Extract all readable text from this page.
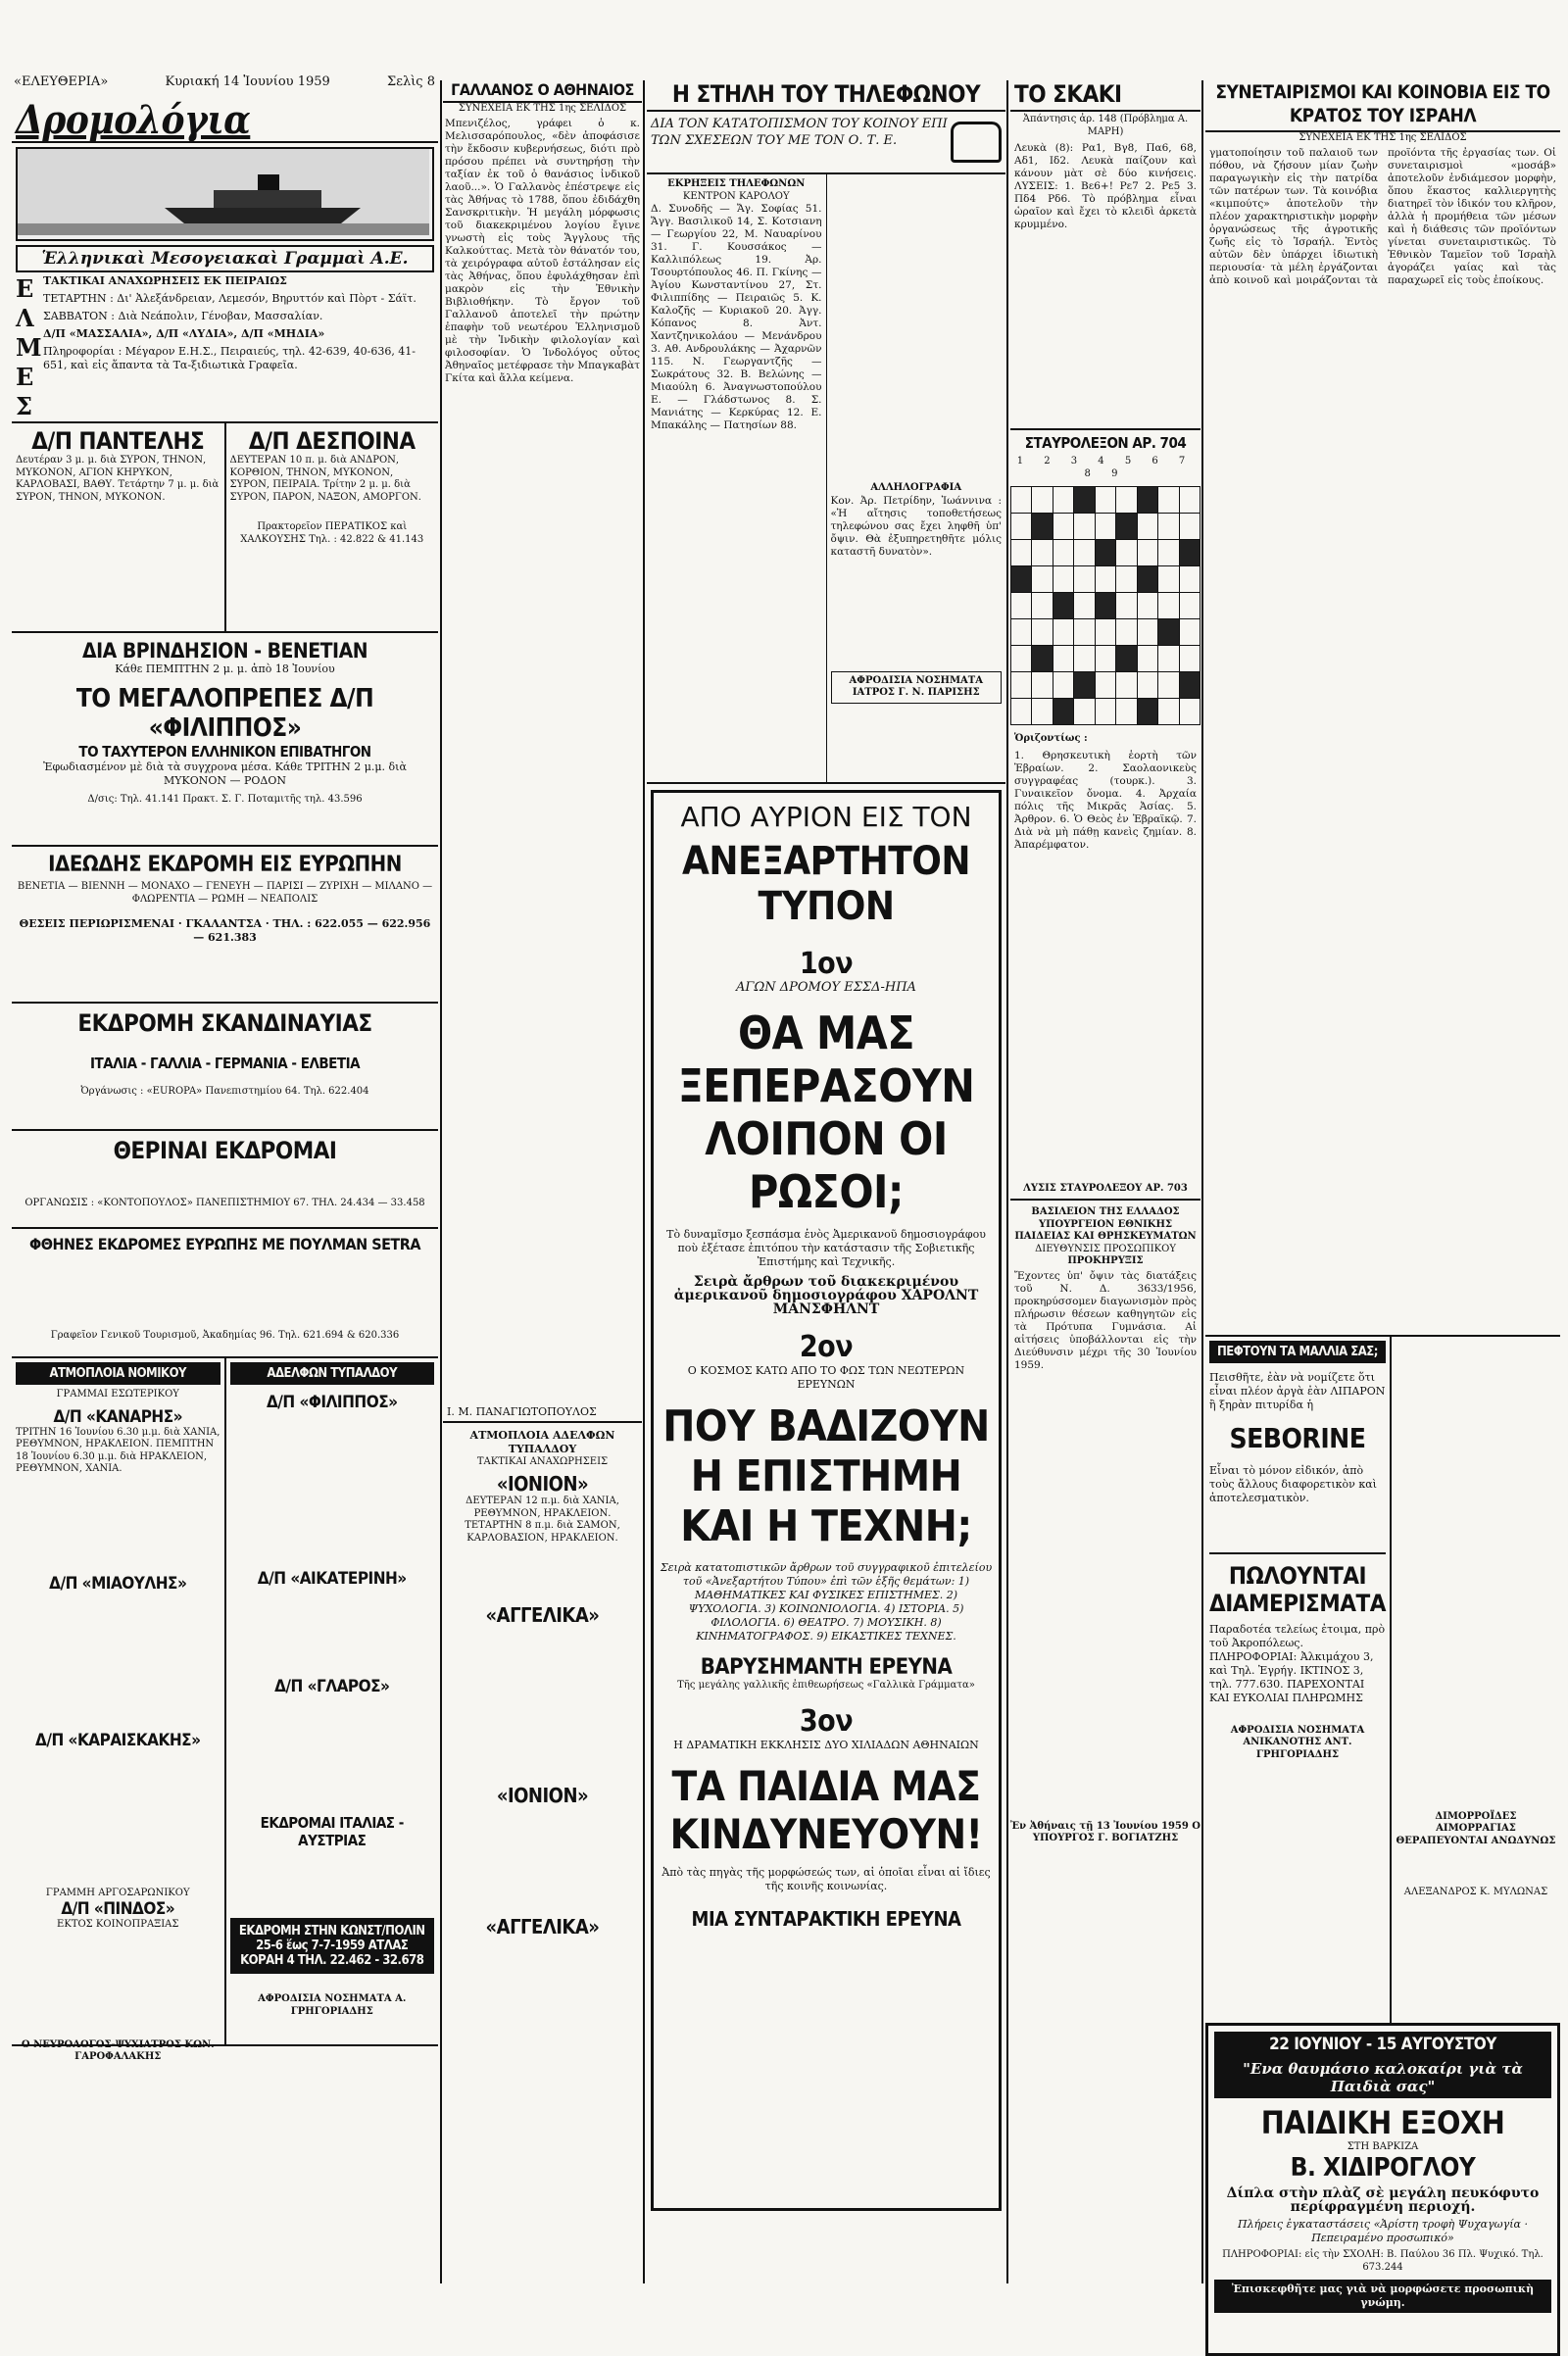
«ΕΛΕΥΘΕΡΙΑ»	Κυριακή 14 Ἰουνίου 1959	Σελὶς 8
Δρομολόγια
Ἑλληνικαὶ Μεσογειακαὶ Γραμμαὶ Α.Ε.
ΕΛΜΕΣ

ΤΑΚΤΙΚΑΙ ΑΝΑΧΩΡΗΣΕΙΣ ΕΚ ΠΕΙΡΑΙΩΣ

ΤΕΤΑΡΤΗΝ : Δι' Ἀλεξάνδρειαν, Λεμεσόν, Βηρυττόν καὶ Πὸρτ - Σάϊτ.

ΣΑΒΒΑΤΟΝ : Διὰ Νεάπολιν, Γένοβαν, Μασσαλίαν.

Δ/Π «ΜΑΣΣΑΛΙΑ», Δ/Π «ΛΥΔΙΑ», Δ/Π «ΜΗΔΙΑ»

Πληροφορίαι : Μέγαρον Ε.Η.Σ., Πειραιεύς, τηλ. 42-639, 40-636, 41-651, καὶ εἰς ἅπαντα τὰ Τα-ξιδιωτικὰ Γραφεῖα.

Δ/Π ΠΑΝΤΕΛΗΣ
Δευτέραν 3 μ. μ. διὰ ΣΥΡΟΝ, ΤΗΝΟΝ, ΜΥΚΟΝΟΝ, ΑΓΙΟΝ ΚΗΡΥΚΟΝ, ΚΑΡΛΟΒΑΣΙ, ΒΑΘΥ. Τετάρτην 7 μ. μ. διὰ ΣΥΡΟΝ, ΤΗΝΟΝ, ΜΥΚΟΝΟΝ.
Δ/Π ΔΕΣΠΟΙΝΑ
ΔΕΥΤΕΡΑΝ 10 π. μ. διὰ ΑΝΔΡΟΝ, ΚΟΡΘΙΟΝ, ΤΗΝΟΝ, ΜΥΚΟΝΟΝ, ΣΥΡΟΝ, ΠΕΙΡΑΙΑ. Τρίτην 2 μ. μ. διὰ ΣΥΡΟΝ, ΠΑΡΟΝ, ΝΑΞΟΝ, ΑΜΟΡΓΟΝ.
Πρακτορεῖον ΠΕΡΑΤΙΚΟΣ καὶ ΧΑΛΚΟΥΣΗΣ Τηλ. : 42.822 & 41.143
ΔΙΑ ΒΡΙΝΔΗΣΙΟΝ - ΒΕΝΕΤΙΑΝ
Κάθε ΠΕΜΠΤΗΝ 2 μ. μ. ἀπὸ 18 Ἰουνίου
ΤΟ ΜΕΓΑΛΟΠΡΕΠΕΣ Δ/Π «ΦΙΛΙΠΠΟΣ»
ΤΟ ΤΑΧΥΤΕΡΟΝ ΕΛΛΗΝΙΚΟΝ ΕΠΙΒΑΤΗΓΟΝ
Ἐφωδιασμένον μὲ διὰ τὰ συγχρονα μέσα. Κάθε ΤΡΙΤΗΝ 2 μ.μ. διὰ ΜΥΚΟΝΟΝ — ΡΟΔΟΝ
Δ/σις: Τηλ. 41.141 Πρακτ. Σ. Γ. Ποταμιτῆς τηλ. 43.596
ΙΔΕΩΔΗΣ ΕΚΔΡΟΜΗ ΕΙΣ ΕΥΡΩΠΗΝ
ΒΕΝΕΤΙΑ — ΒΙΕΝΝΗ — ΜΟΝΑΧΟ — ΓΕΝΕΥΗ — ΠΑΡΙΣΙ — ΖΥΡΙΧΗ — ΜΙΛΑΝΟ — ΦΛΩΡΕΝΤΙΑ — ΡΩΜΗ — ΝΕΑΠΟΛΙΣ
ΘΕΣΕΙΣ ΠΕΡΙΩΡΙΣΜΕΝΑΙ · ΓΚΑΛΑΝΤΣΑ · ΤΗΛ. : 622.055 — 622.956 — 621.383
ΕΚΔΡΟΜΗ ΣΚΑΝΔΙΝΑΥΙΑΣ
ΙΤΑΛΙΑ - ΓΑΛΛΙΑ - ΓΕΡΜΑΝΙΑ - ΕΛΒΕΤΙΑ
Ὀργάνωσις : «EUROPA» Πανεπιστημίου 64. Τηλ. 622.404
ΘΕΡΙΝΑΙ ΕΚΔΡΟΜΑΙ
ΟΡΓΑΝΩΣΙΣ : «ΚΟΝΤΟΠΟΥΛΟΣ» ΠΑΝΕΠΙΣΤΗΜΙΟΥ 67. ΤΗΛ. 24.434 — 33.458
ΦΘΗΝΕΣ ΕΚΔΡΟΜΕΣ ΕΥΡΩΠΗΣ ΜΕ ΠΟΥΛΜΑΝ SETRA
Γραφεῖον Γενικοῦ Τουρισμοῦ, Ἀκαδημίας 96. Τηλ. 621.694 & 620.336
ΑΤΜΟΠΛΟΙΑ ΝΟΜΙΚΟΥ
ΓΡΑΜΜΑΙ ΕΣΩΤΕΡΙΚΟΥ
Δ/Π «ΚΑΝΑΡΗΣ»
ΤΡΙΤΗΝ 16 Ἰουνίου 6.30 μ.μ. διὰ ΧΑΝΙΑ, ΡΕΘΥΜΝΟΝ, ΗΡΑΚΛΕΙΟΝ. ΠΕΜΠΤΗΝ 18 Ἰουνίου 6.30 μ.μ. διὰ ΗΡΑΚΛΕΙΟΝ, ΡΕΘΥΜΝΟΝ, ΧΑΝΙΑ.
Δ/Π «ΜΙΑΟΥΛΗΣ»
Δ/Π «ΚΑΡΑΙΣΚΑΚΗΣ»
ΓΡΑΜΜΗ ΑΡΓΟΣΑΡΩΝΙΚΟΥ
Δ/Π «ΠΙΝΔΟΣ»
ΕΚΤΟΣ ΚΟΙΝΟΠΡΑΞΙΑΣ
Ο ΝΕΥΡΟΛΟΓΟΣ-ΨΥΧΙΑΤΡΟΣ ΚΩΝ. ΓΑΡΟΦΑΛΑΚΗΣ
ΑΔΕΛΦΩΝ ΤΥΠΑΛΔΟΥ
Δ/Π «ΦΙΛΙΠΠΟΣ»
Δ/Π «ΑΙΚΑΤΕΡΙΝΗ»
Δ/Π «ΓΛΑΡΟΣ»
ΕΚΔΡΟΜΑΙ ΙΤΑΛΙΑΣ - ΑΥΣΤΡΙΑΣ
ΕΚΔΡΟΜΗ ΣΤΗΝ ΚΩΝΣΤ/ΠΟΛΙΝ 25-6 ἕως 7-7-1959 ΑΤΛΑΣ ΚΟΡΑΗ 4 ΤΗΛ. 22.462 - 32.678
ΑΦΡΟΔΙΣΙΑ ΝΟΣΗΜΑΤΑ Α. ΓΡΗΓΟΡΙΑΔΗΣ
ΓΑΛΛΑΝΟΣ Ο ΑΘΗΝΑΙΟΣ
ΣΥΝΕΧΕΙΑ ΕΚ ΤΗΣ 1ης ΣΕΛΙΔΟΣ
Μπενιζέλος, γράφει ὁ κ. Μελισσαρόπουλος, «δὲν ἀποφάσισε τὴν ἔκδοσιν κυβερνήσεως, διότι πρὸ πρόσου πρέπει νὰ συντηρήσῃ τὴν ταξίαν ἐκ τοῦ ὁ θανάσιος ἰνδικοῦ λαοῦ...». Ὁ Γαλλανὸς ἐπέστρεψε εἰς τὰς Ἀθήνας τὸ 1788, ὅπου ἐδιδάχθη Σανσκριτικὴν. Ἡ μεγάλη μόρφωσις τοῦ διακεκριμένου λογίου ἔγινε γνωστὴ εἰς τοὺς Ἄγγλους τῆς Καλκούττας. Μετὰ τὸν θάνατόν του, τὰ χειρόγραφα αὐτοῦ ἐστάλησαν εἰς τὰς Ἀθήνας, ὅπου ἐφυλάχθησαν ἐπὶ μακρὸν εἰς τὴν Ἐθνικὴν Βιβλιοθήκην. Τὸ ἔργον τοῦ Γαλλανοῦ ἀποτελεῖ τὴν πρώτην ἐπαφὴν τοῦ νεωτέρου Ἑλληνισμοῦ μὲ τὴν Ἰνδικὴν φιλολογίαν καὶ φιλοσοφίαν. Ὁ Ἰνδολόγος οὗτος Ἀθηναῖος μετέφρασε τὴν Μπαγκαβὰτ Γκίτα καὶ ἄλλα κείμενα.
Ι. Μ. ΠΑΝΑΓΙΩΤΟΠΟΥΛΟΣ
ΑΤΜΟΠΛΟΙΑ ΑΔΕΛΦΩΝ ΤΥΠΑΛΔΟΥ
ΤΑΚΤΙΚΑΙ ΑΝΑΧΩΡΗΣΕΙΣ
«ΙΟΝΙΟΝ»
ΔΕΥΤΕΡΑΝ 12 π.μ. διὰ ΧΑΝΙΑ, ΡΕΘΥΜΝΟΝ, ΗΡΑΚΛΕΙΟΝ. ΤΕΤΑΡΤΗΝ 8 π.μ. διὰ ΣΑΜΟΝ, ΚΑΡΛΟΒΑΣΙΟΝ, ΗΡΑΚΛΕΙΟΝ.
«ΑΓΓΕΛΙΚΑ»
«ΙΟΝΙΟΝ»
«ΑΓΓΕΛΙΚΑ»
Η ΣΤΗΛΗ ΤΟΥ ΤΗΛΕΦΩΝΟΥ
ΔΙΑ ΤΟΝ ΚΑΤΑΤΟΠΙΣΜΟΝ ΤΟΥ ΚΟΙΝΟΥ ΕΠΙ ΤΩΝ ΣΧΕΣΕΩΝ ΤΟΥ ΜΕ ΤΟΝ Ο. Τ. Ε.
ΕΚΡΗΞΕΙΣ ΤΗΛΕΦΩΝΩΝ
ΚΕΝΤΡΟΝ ΚΑΡΟΛΟΥ
Δ. Συνοδῆς — Ἄγ. Σοφίας 51. Ἄγγ. Βασιλικοῦ 14, Σ. Κοτσιανη — Γεωργίου 22, Μ. Ναυαρίνου 31. Γ. Κουσσάκος — Καλλιπόλεως 19. Ἀρ. Τσουρτόπουλος 46. Π. Γκίνης — Ἀγίου Κωνσταντίνου 27, Στ. Φιλιππίδης — Πειραιῶς 5. Κ. Καλοζῆς — Κυριακοῦ 20. Ἀγγ. Κόπανος 8. Ἀντ. Χαντζηνικολάου — Μενάνδρου 3. Αθ. Ανδρουλάκης — Ἀχαρνῶν 115. Ν. Γεωργαντζῆς — Σωκράτους 32. Β. Βελώνης — Μιαούλη 6. Ἀναγνωστοπούλου Ε. — Γλάδστωνος 8. Σ. Μανιάτης — Κερκύρας 12. Ε. Μπακάλης — Πατησίων 88.
ΑΛΛΗΛΟΓΡΑΦΙΑ
Κον. Ἀρ. Πετρίδην, Ἰωάννινα : «Ἡ αἴτησις τοποθετήσεως τηλεφώνου σας ἔχει ληφθῆ ὑπ' ὄψιν. Θὰ ἐξυπηρετηθῆτε μόλις καταστῆ δυνατὸν».
ΑΦΡΟΔΙΣΙΑ ΝΟΣΗΜΑΤΑ ΙΑΤΡΟΣ Γ. Ν. ΠΑΡΙΣΗΣ
ΑΠΟ ΑΥΡΙΟΝ ΕΙΣ ΤΟΝ
ΑΝΕΞΑΡΤΗΤΟΝ ΤΥΠΟΝ
1ον
ΑΓΩΝ ΔΡΟΜΟΥ ΕΣΣΔ-ΗΠΑ
ΘΑ ΜΑΣ ΞΕΠΕΡΑΣΟΥΝ
ΛΟΙΠΟΝ ΟΙ ΡΩΣΟΙ;
Τὸ δυναμῖσμο ξεσπάσμα ἑνὸς Ἀμερικανοῦ δημοσιογράφου ποὺ ἐξέτασε ἐπιτόπου τὴν κατάστασιν τῆς Σοβιετικῆς Ἐπιστήμης καὶ Τεχνικῆς.
Σειρὰ ἄρθρων τοῦ διακεκριμένου ἀμερικανοῦ δημοσιογράφου ΧΑΡΟΛΝΤ ΜΑΝΣΦΗΛΝΤ
2ον
Ο ΚΟΣΜΟΣ ΚΑΤΩ ΑΠΟ ΤΟ ΦΩΣ ΤΩΝ ΝΕΩΤΕΡΩΝ ΕΡΕΥΝΩΝ
ΠΟΥ ΒΑΔΙΖΟΥΝ
Η ΕΠΙΣΤΗΜΗ
ΚΑΙ Η ΤΕΧΝΗ;
Σειρὰ κατατοπιστικῶν ἄρθρων τοῦ συγγραφικοῦ ἐπιτελείου τοῦ «Ἀνεξαρτήτου Τύπου» ἐπὶ τῶν ἑξῆς θεμάτων: 1) ΜΑΘΗΜΑΤΙΚΕΣ ΚΑΙ ΦΥΣΙΚΕΣ ΕΠΙΣΤΗΜΕΣ. 2) ΨΥΧΟΛΟΓΙΑ. 3) ΚΟΙΝΩΝΙΟΛΟΓΙΑ. 4) ΙΣΤΟΡΙΑ. 5) ΦΙΛΟΛΟΓΙΑ. 6) ΘΕΑΤΡΟ. 7) ΜΟΥΣΙΚΗ. 8) ΚΙΝΗΜΑΤΟΓΡΑΦΟΣ. 9) ΕΙΚΑΣΤΙΚΕΣ ΤΕΧΝΕΣ.
ΒΑΡΥΣΗΜΑΝΤΗ ΕΡΕΥΝΑ
Τῆς μεγάλης γαλλικῆς ἐπιθεωρήσεως «Γαλλικὰ Γράμματα»
3ον
Η ΔΡΑΜΑΤΙΚΗ ΕΚΚΛΗΣΙΣ ΔΥΟ ΧΙΛΙΑΔΩΝ ΑΘΗΝΑΙΩΝ
ΤΑ ΠΑΙΔΙΑ ΜΑΣ
ΚΙΝΔΥΝΕΥΟΥΝ!
Ἀπὸ τὰς πηγὰς τῆς μορφώσεώς των, αἱ ὁποῖαι εἶναι αἱ ἴδιες τῆς κοινῆς κοινωνίας.
ΜΙΑ ΣΥΝΤΑΡΑΚΤΙΚΗ ΕΡΕΥΝΑ
ΤΟ ΣΚΑΚΙ
Ἀπάντησις ἀρ. 148 (Πρόβλημα Α. ΜΑΡΗ)
Λευκὰ (8): Ρα1, Βγ8, Πα6, 68, Αδ1, Ιδ2. Λευκὰ παίζουν καὶ κάνουν μὰτ σὲ δύο κινήσεις. ΛΥΣΕΙΣ: 1. Βε6+! Ρε7 2. Ρε5 3. Πδ4 Ρδ6. Τὸ πρόβλημα εἶναι ὡραῖον καὶ ἔχει τὸ κλειδὶ ἀρκετὰ κρυμμένο.
ΣΤΑΥΡΟΛΕΞΟΝ ΑΡ. 704
1 2 3 4 5 6 7 8 9

Ὁριζοντίως :
1. Θρησκευτικὴ ἑορτὴ τῶν Ἑβραίων. 2. Σαολαονικεὺς συγγραφέας (τουρκ.). 3. Γυναικεῖον ὄνομα. 4. Ἀρχαία πόλις τῆς Μικρᾶς Ἀσίας. 5. Ἀρθρον. 6. Ὁ Θεὸς ἐν Ἑβραϊκῷ. 7. Διὰ νὰ μὴ πάθῃ κανεὶς ζημίαν. 8. Ἀπαρέμφατον.
ΛΥΣΙΣ ΣΤΑΥΡΟΛΕΞΟΥ ΑΡ. 703
ΒΑΣΙΛΕΙΟΝ ΤΗΣ ΕΛΛΑΔΟΣ ΥΠΟΥΡΓΕΙΟΝ ΕΘΝΙΚΗΣ ΠΑΙΔΕΙΑΣ ΚΑΙ ΘΡΗΣΚΕΥΜΑΤΩΝ
ΔΙΕΥΘΥΝΣΙΣ ΠΡΟΣΩΠΙΚΟΥ
ΠΡΟΚΗΡΥΞΙΣ
Ἔχοντες ὑπ' ὄψιν τὰς διατάξεις τοῦ Ν. Δ. 3633/1956, προκηρύσσομεν διαγωνισμὸν πρὸς πλήρωσιν θέσεων καθηγητῶν εἰς τὰ Πρότυπα Γυμνάσια. Αἱ αἰτήσεις ὑποβάλλονται εἰς τὴν Διεύθυνσιν μέχρι τῆς 30 Ἰουνίου 1959.
Ἐν Ἀθήναις τῇ 13 Ἰουνίου 1959 Ο ΥΠΟΥΡΓΟΣ Γ. ΒΟΓΙΑΤΖΗΣ
ΣΥΝΕΤΑΙΡΙΣΜΟΙ ΚΑΙ ΚΟΙΝΟΒΙΑ ΕΙΣ ΤΟ ΚΡΑΤΟΣ ΤΟΥ ΙΣΡΑΗΛ
ΣΥΝΕΧΕΙΑ ΕΚ ΤΗΣ 1ης ΣΕΛΙΔΟΣ
γματοποίησιν τοῦ παλαιοῦ των πόθου, νὰ ζήσουν μίαν ζωὴν παραγωγικὴν εἰς τὴν πατρίδα τῶν πατέρων των. Τὰ κοινόβια «κιμπούτς» ἀποτελοῦν τὴν πλέον χαρακτηριστικὴν μορφὴν ὀργανώσεως τῆς ἀγροτικῆς ζωῆς εἰς τὸ Ἰσραήλ. Ἐντὸς αὐτῶν δὲν ὑπάρχει ἰδιωτικὴ περιουσία· τὰ μέλη ἐργάζονται ἀπὸ κοινοῦ καὶ μοιράζονται τὰ προϊόντα τῆς ἐργασίας των. Οἱ συνεταιρισμοὶ «μοσάβ» ἀποτελοῦν ἐνδιάμεσον μορφὴν, ὅπου ἕκαστος καλλιεργητὴς διατηρεῖ τὸν ἰδικόν του κλῆρον, ἀλλὰ ἡ προμήθεια τῶν μέσων καὶ ἡ διάθεσις τῶν προϊόντων γίνεται συνεταιριστικῶς. Τὸ Ἐθνικὸν Ταμεῖον τοῦ Ἰσραὴλ ἀγοράζει γαίας καὶ τὰς παραχωρεῖ εἰς τοὺς ἐποίκους.
ΠΕΦΤΟΥΝ ΤΑ ΜΑΛΛΙΑ ΣΑΣ;
Πεισθῆτε, ἐὰν νὰ νομίζετε ὅτι εἶναι πλέον ἀργὰ ἐὰν ΛΙΠΑΡΟΝ ἢ ξηρὰν πιτυρίδα ἡ
SEBORINE
Εἶναι τὸ μόνον εἰδικόν, ἀπὸ τοὺς ἄλλους διαφορετικὸν καὶ ἀποτελεσματικὸν.
ΠΩΛΟΥΝΤΑΙ ΔΙΑΜΕΡΙΣΜΑΤΑ
Παραδοτέα τελείως ἐτοιμα, πρὸ τοῦ Ἀκροπόλεως. ΠΛΗΡΟΦΟΡΙΑΙ: Ἀλκιμάχου 3, καὶ Τηλ. Ἐγρήγ. ΙΚΤΙΝΟΣ 3, τηλ. 777.630. ΠΑΡΕΧΟΝΤΑΙ ΚΑΙ ΕΥΚΟΛΙΑΙ ΠΛΗΡΩΜΗΣ
ΑΦΡΟΔΙΣΙΑ ΝΟΣΗΜΑΤΑ ΑΝΙΚΑΝΟΤΗΣ ΑΝΤ. ΓΡΗΓΟΡΙΑΔΗΣ
ΔΙΜΟΡΡΟΪΔΕΣ ΑΙΜΟΡΡΑΓΙΑΣ ΘΕΡΑΠΕΥΟΝΤΑΙ ΑΝΩΔΥΝΩΣ
ΑΛΕΞΑΝΔΡΟΣ Κ. ΜΥΛΩΝΑΣ
22 ΙΟΥΝΙΟΥ - 15 ΑΥΓΟΥΣΤΟΥ
"Ενα θαυμάσιο καλοκαίρι γιὰ τὰ Παιδιὰ σας"
ΠΑΙΔΙΚΗ ΕΞΟΧΗ
ΣΤΗ ΒΑΡΚΙΖΑ
Β. ΧΙΔΙΡΟΓΛΟΥ
Δίπλα στὴν πλὰζ σὲ μεγάλη πευκόφυτο περίφραγμένη περιοχή.
Πλήρεις ἐγκαταστάσεις «Ἀρίστη τροφὴ Ψυχαγωγία · Πεπειραμένο προσωπικό»
ΠΛΗΡΟΦΟΡΙΑΙ: εἰς τὴν ΣΧΟΛΗ: Β. Παύλου 36 Πλ. Ψυχικό. Τηλ. 673.244
Ἐπισκεφθῆτε μας γιὰ νὰ μορφώσετε προσωπικὴ γνώμη.
